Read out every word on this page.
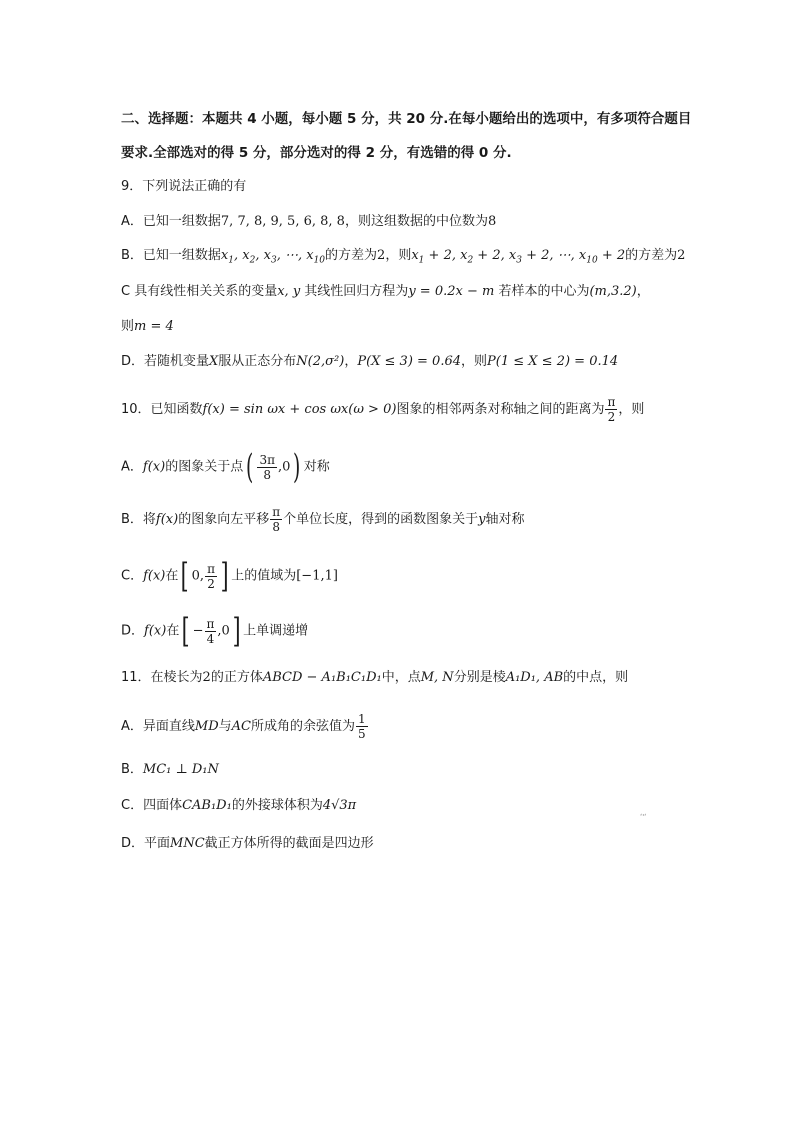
二、选择题：本题共 4 小题，每小题 5 分，共 20 分.在每小题给出的选项中，有多项符合题目
要求.全部选对的得 5 分，部分选对的得 2 分，有选错的得 0 分.
9．下列说法正确的有
A．已知一组数据7, 7, 8, 9, 5, 6, 8, 8，则这组数据的中位数为8
B．已知一组数据$x_1$, $x_2$, $x_3$, ⋯, $x_{10}$的方差为2，则$x_1 + 2$, $x_2 + 2$, $x_3 + 2$, ⋯, $x_{10} + 2$的方差为2
C 具有线性相关关系的变量x, y 其线性回归方程为y = 0.2x − m 若样本的中心为(m,3.2)，
则m = 4
D．若随机变量X服从正态分布N(2,σ²)，P(X ≤ 3) = 0.64，则P(1 ≤ X ≤ 2) = 0.14
10．已知函数f(x) = sin ωx + cos ωx(ω > 0)图象的相邻两条对称轴之间的距离为 $\frac{\pi}{2}$ ，则
A．f(x)的图象关于点( $\frac{3\pi}{8} ,0$) 对称
B．将f(x)的图象向左平移 $\frac{\pi}{8}$ 个单位长度，得到的函数图象关于y轴对称
C．f(x)在[ 0, $\frac{\pi}{2}$ ] 上的值域为[−1,1]
D．f(x)在[ − $\frac{\pi}{4} ,0$] 上单调递增
11．在棱长为2的正方体ABCD − A₁B₁C₁D₁中，点M, N分别是棱A₁D₁, AB的中点，则
A．异面直线MD与AC所成角的余弦值为 $\frac{1}{5}$
B．MC₁ ⊥ D₁N
C．四面体CAB₁D₁的外接球体积为4√3π
D．平面MNC截正方体所得的截面是四边形
ʻ'ʻ
